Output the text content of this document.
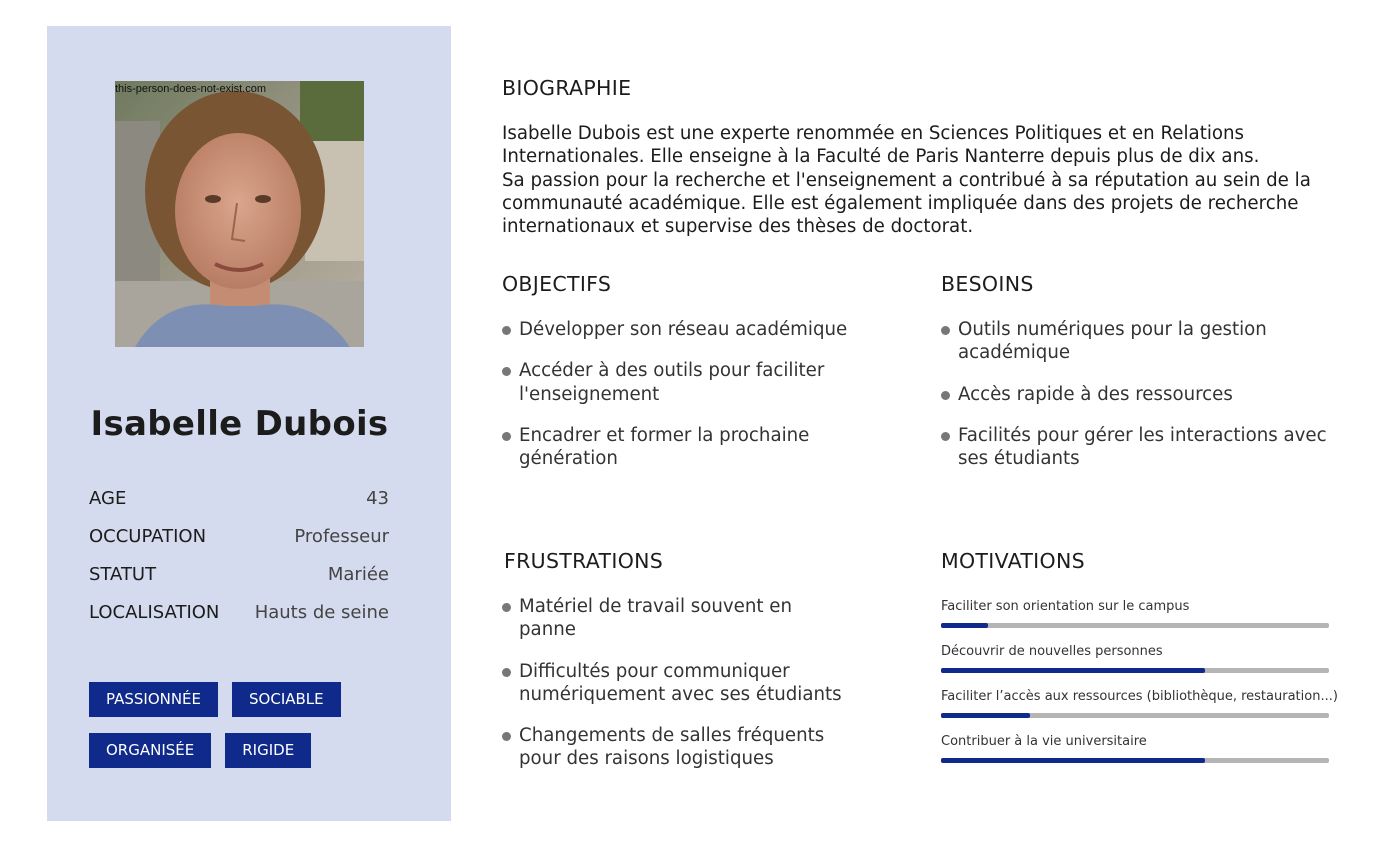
this-person-does-not-exist.com
Isabelle Dubois
AGE	43
OCCUPATION	Professeur
STATUT	Mariée
LOCALISATION Hauts de seine
PASSIONNÉE	SOCIABLE
ORGANISÉE	RIGIDE
BIOGRAPHIE
Isabelle Dubois est une experte renommée en Sciences Politiques et en Relations Internationales. Elle enseigne à la Faculté de Paris Nanterre depuis plus de dix ans.
Sa passion pour la recherche et l'enseignement a contribué à sa réputation au sein de la communauté académique. Elle est également impliquée dans des projets de recherche internationaux et supervise des thèses de doctorat.
OBJECTIFS
Développer son réseau académique
Accéder à des outils pour faciliter l'enseignement
Encadrer et former la prochaine génération
BESOINS
Outils numériques pour la gestion académique
Accès rapide à des ressources
Facilités pour gérer les interactions avec ses étudiants
FRUSTRATIONS
Matériel de travail souvent en panne
Difficultés pour communiquer numériquement avec ses étudiants
Changements de salles fréquents pour des raisons logistiques
MOTIVATIONS
Faciliter son orientation sur le campus
Découvrir de nouvelles personnes
Faciliter l’accès aux ressources (bibliothèque, restauration...)
Contribuer à la vie universitaire
